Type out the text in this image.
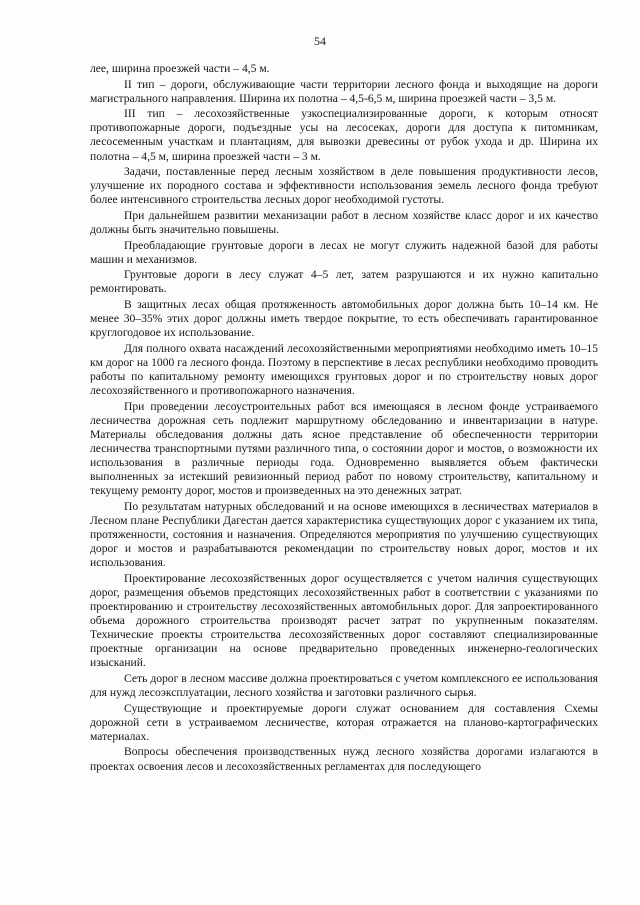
54

лее, ширина проезжей части – 4,5 м.

II тип – дороги, обслуживающие части территории лесного фонда и выходящие на дороги магистрального направления. Ширина их полотна – 4,5-6,5 м, ширина проезжей части – 3,5 м.

III тип – лесохозяйственные узкоспециализированные дороги, к которым относят противопожарные дороги, подъездные усы на лесосеках, дороги для доступа к питомникам, лесосеменным участкам и плантациям, для вывозки древесины от рубок ухода и др. Ширина их полотна – 4,5 м, ширина проезжей части – 3 м.

Задачи, поставленные перед лесным хозяйством в деле повышения продуктивности лесов, улучшение их породного состава и эффективности использования земель лесного фонда требуют более интенсивного строительства лесных дорог необходимой густоты.

При дальнейшем развитии механизации работ в лесном хозяйстве класс дорог и их качество должны быть значительно повышены.

Преобладающие грунтовые дороги в лесах не могут служить надежной базой для работы машин и механизмов.

Грунтовые дороги в лесу служат 4–5 лет, затем разрушаются и их нужно капитально ремонтировать.

В защитных лесах общая протяженность автомобильных дорог должна быть 10–14 км. Не менее 30–35% этих дорог должны иметь твердое покрытие, то есть обеспечивать гарантированное круглогодовое их использование.

Для полного охвата насаждений лесохозяйственными мероприятиями необходимо иметь 10–15 км дорог на 1000 га лесного фонда. Поэтому в перспективе в лесах республики необходимо проводить работы по капитальному ремонту имеющихся грунтовых дорог и по строительству новых дорог лесохозяйственного и противопожарного назначения.

При проведении лесоустроительных работ вся имеющаяся в лесном фонде устраиваемого лесничества дорожная сеть подлежит маршрутному обследованию и инвентаризации в натуре. Материалы обследования должны дать ясное представление об обеспеченности территории лесничества транспортными путями различного типа, о состоянии дорог и мостов, о возможности их использования в различные периоды года. Одновременно выявляется объем фактически выполненных за истекший ревизионный период работ по новому строительству, капитальному и текущему ремонту дорог, мостов и произведенных на это денежных затрат.

По результатам натурных обследований и на основе имеющихся в лесничествах материалов в Лесном плане Республики Дагестан дается характеристика существующих дорог с указанием их типа, протяженности, состояния и назначения. Определяются мероприятия по улучшению существующих дорог и мостов и разрабатываются рекомендации по строительству новых дорог, мостов и их использования.

Проектирование лесохозяйственных дорог осуществляется с учетом наличия существующих дорог, размещения объемов предстоящих лесохозяйственных работ в соответствии с указаниями по проектированию и строительству лесохозяйственных автомобильных дорог. Для запроектированного объема дорожного строительства производят расчет затрат по укрупненным показателям. Технические проекты строительства лесохозяйственных дорог составляют специализированные проектные организации на основе предварительно проведенных инженерно-геологических изысканий.

Сеть дорог в лесном массиве должна проектироваться с учетом комплексного ее использования для нужд лесоэксплуатации, лесного хозяйства и заготовки различного сырья.

Существующие и проектируемые дороги служат основанием для составления Схемы дорожной сети в устраиваемом лесничестве, которая отражается на планово-картографических материалах.

Вопросы обеспечения производственных нужд лесного хозяйства дорогами излагаются в проектах освоения лесов и лесохозяйственных регламентах для последующего
